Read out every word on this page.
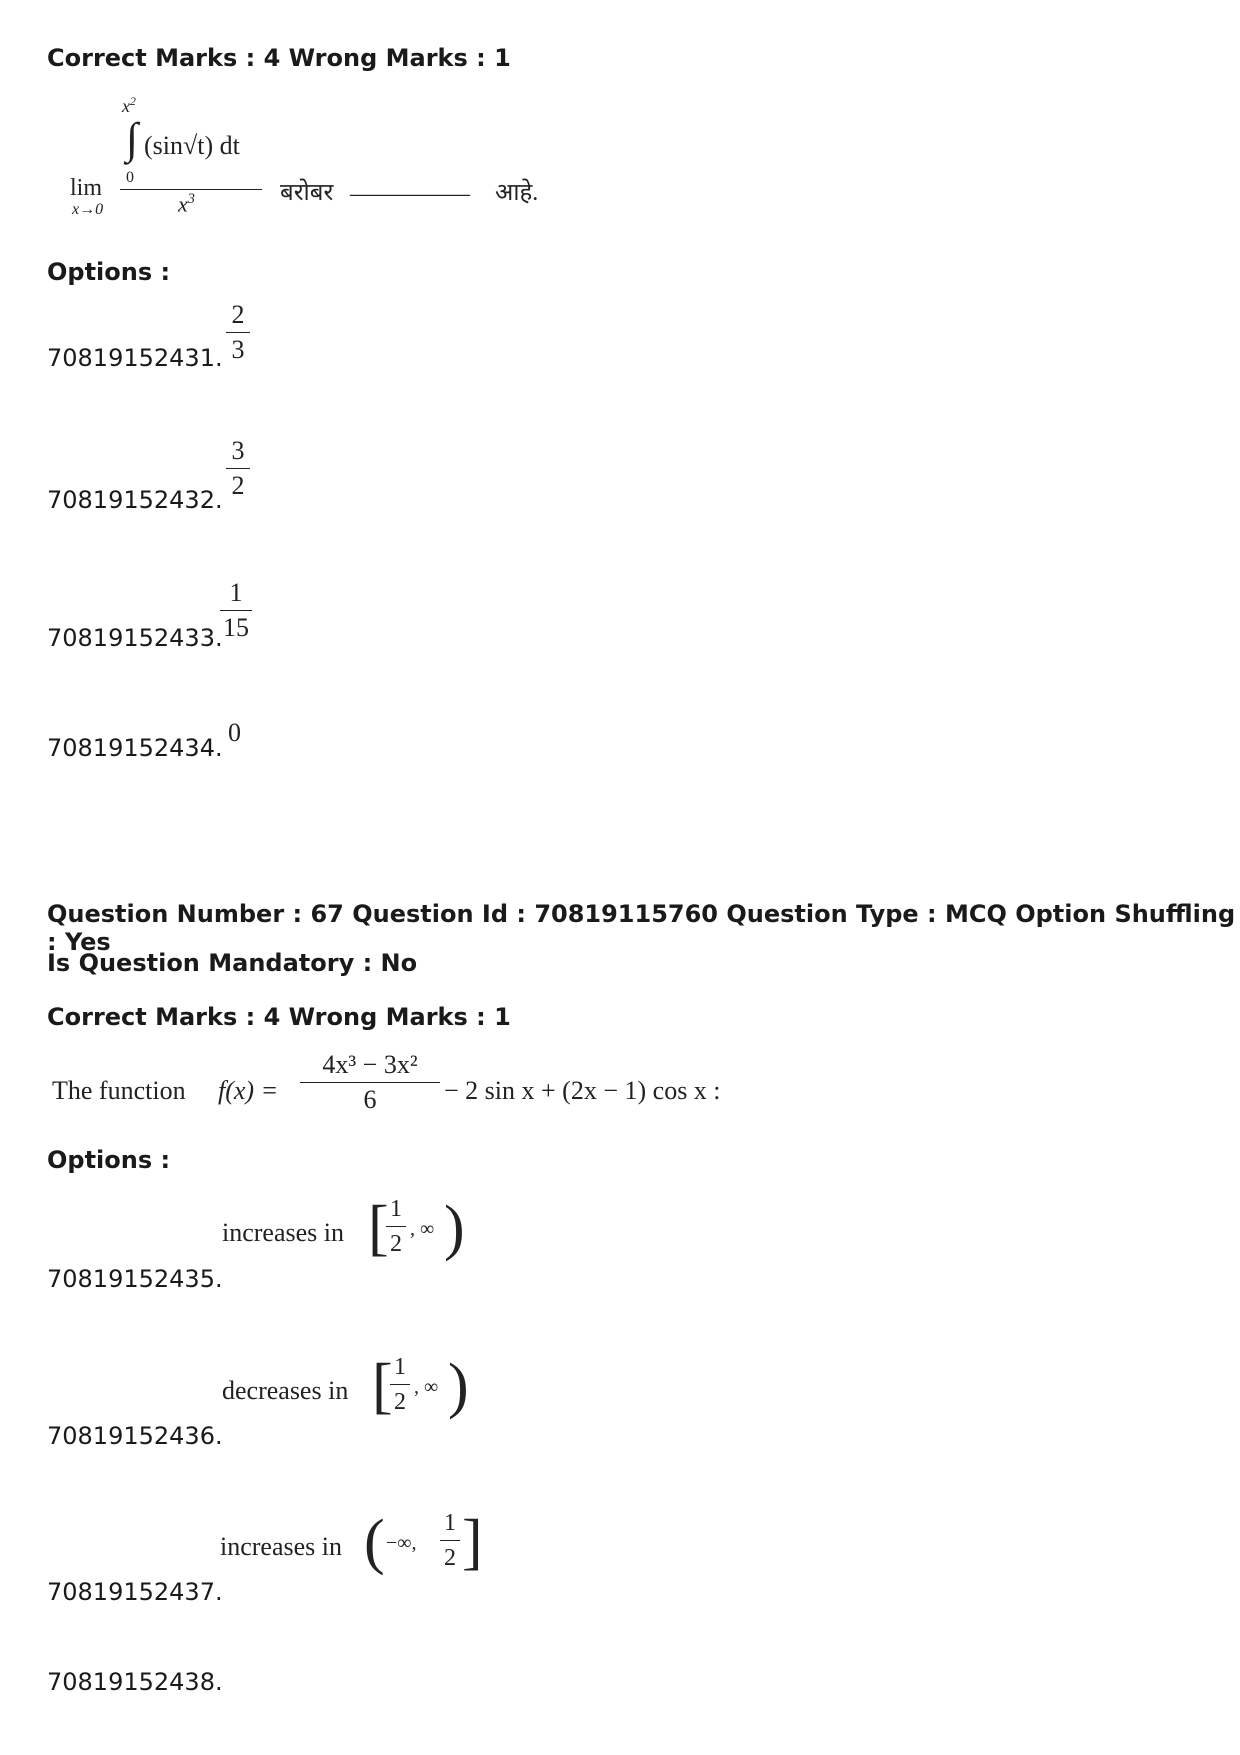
Correct Marks : 4 Wrong Marks : 1
$x^2$
∫ (sin√t) dt
0
lim
x→0	$x^3$	बरोबर __________ आहे.
Options :
70819152431.
2
3
70819152432.
3
2
70819152433.
1
15
70819152434.
0
Question Number : 67 Question Id : 70819115760 Question Type : MCQ Option Shuffling : Yes
Is Question Mandatory : No
Correct Marks : 4 Wrong Marks : 1
The function f(x) =
4x³ − 3x²
6	− 2 sin x + (2x − 1) cos x :
Options :
70819152435.
increases in [ 1
2
, ∞ )
70819152436.
decreases in [ 1
2
, ∞ )
70819152437.
increases in ( −∞,
1
2 ]
70819152438.
